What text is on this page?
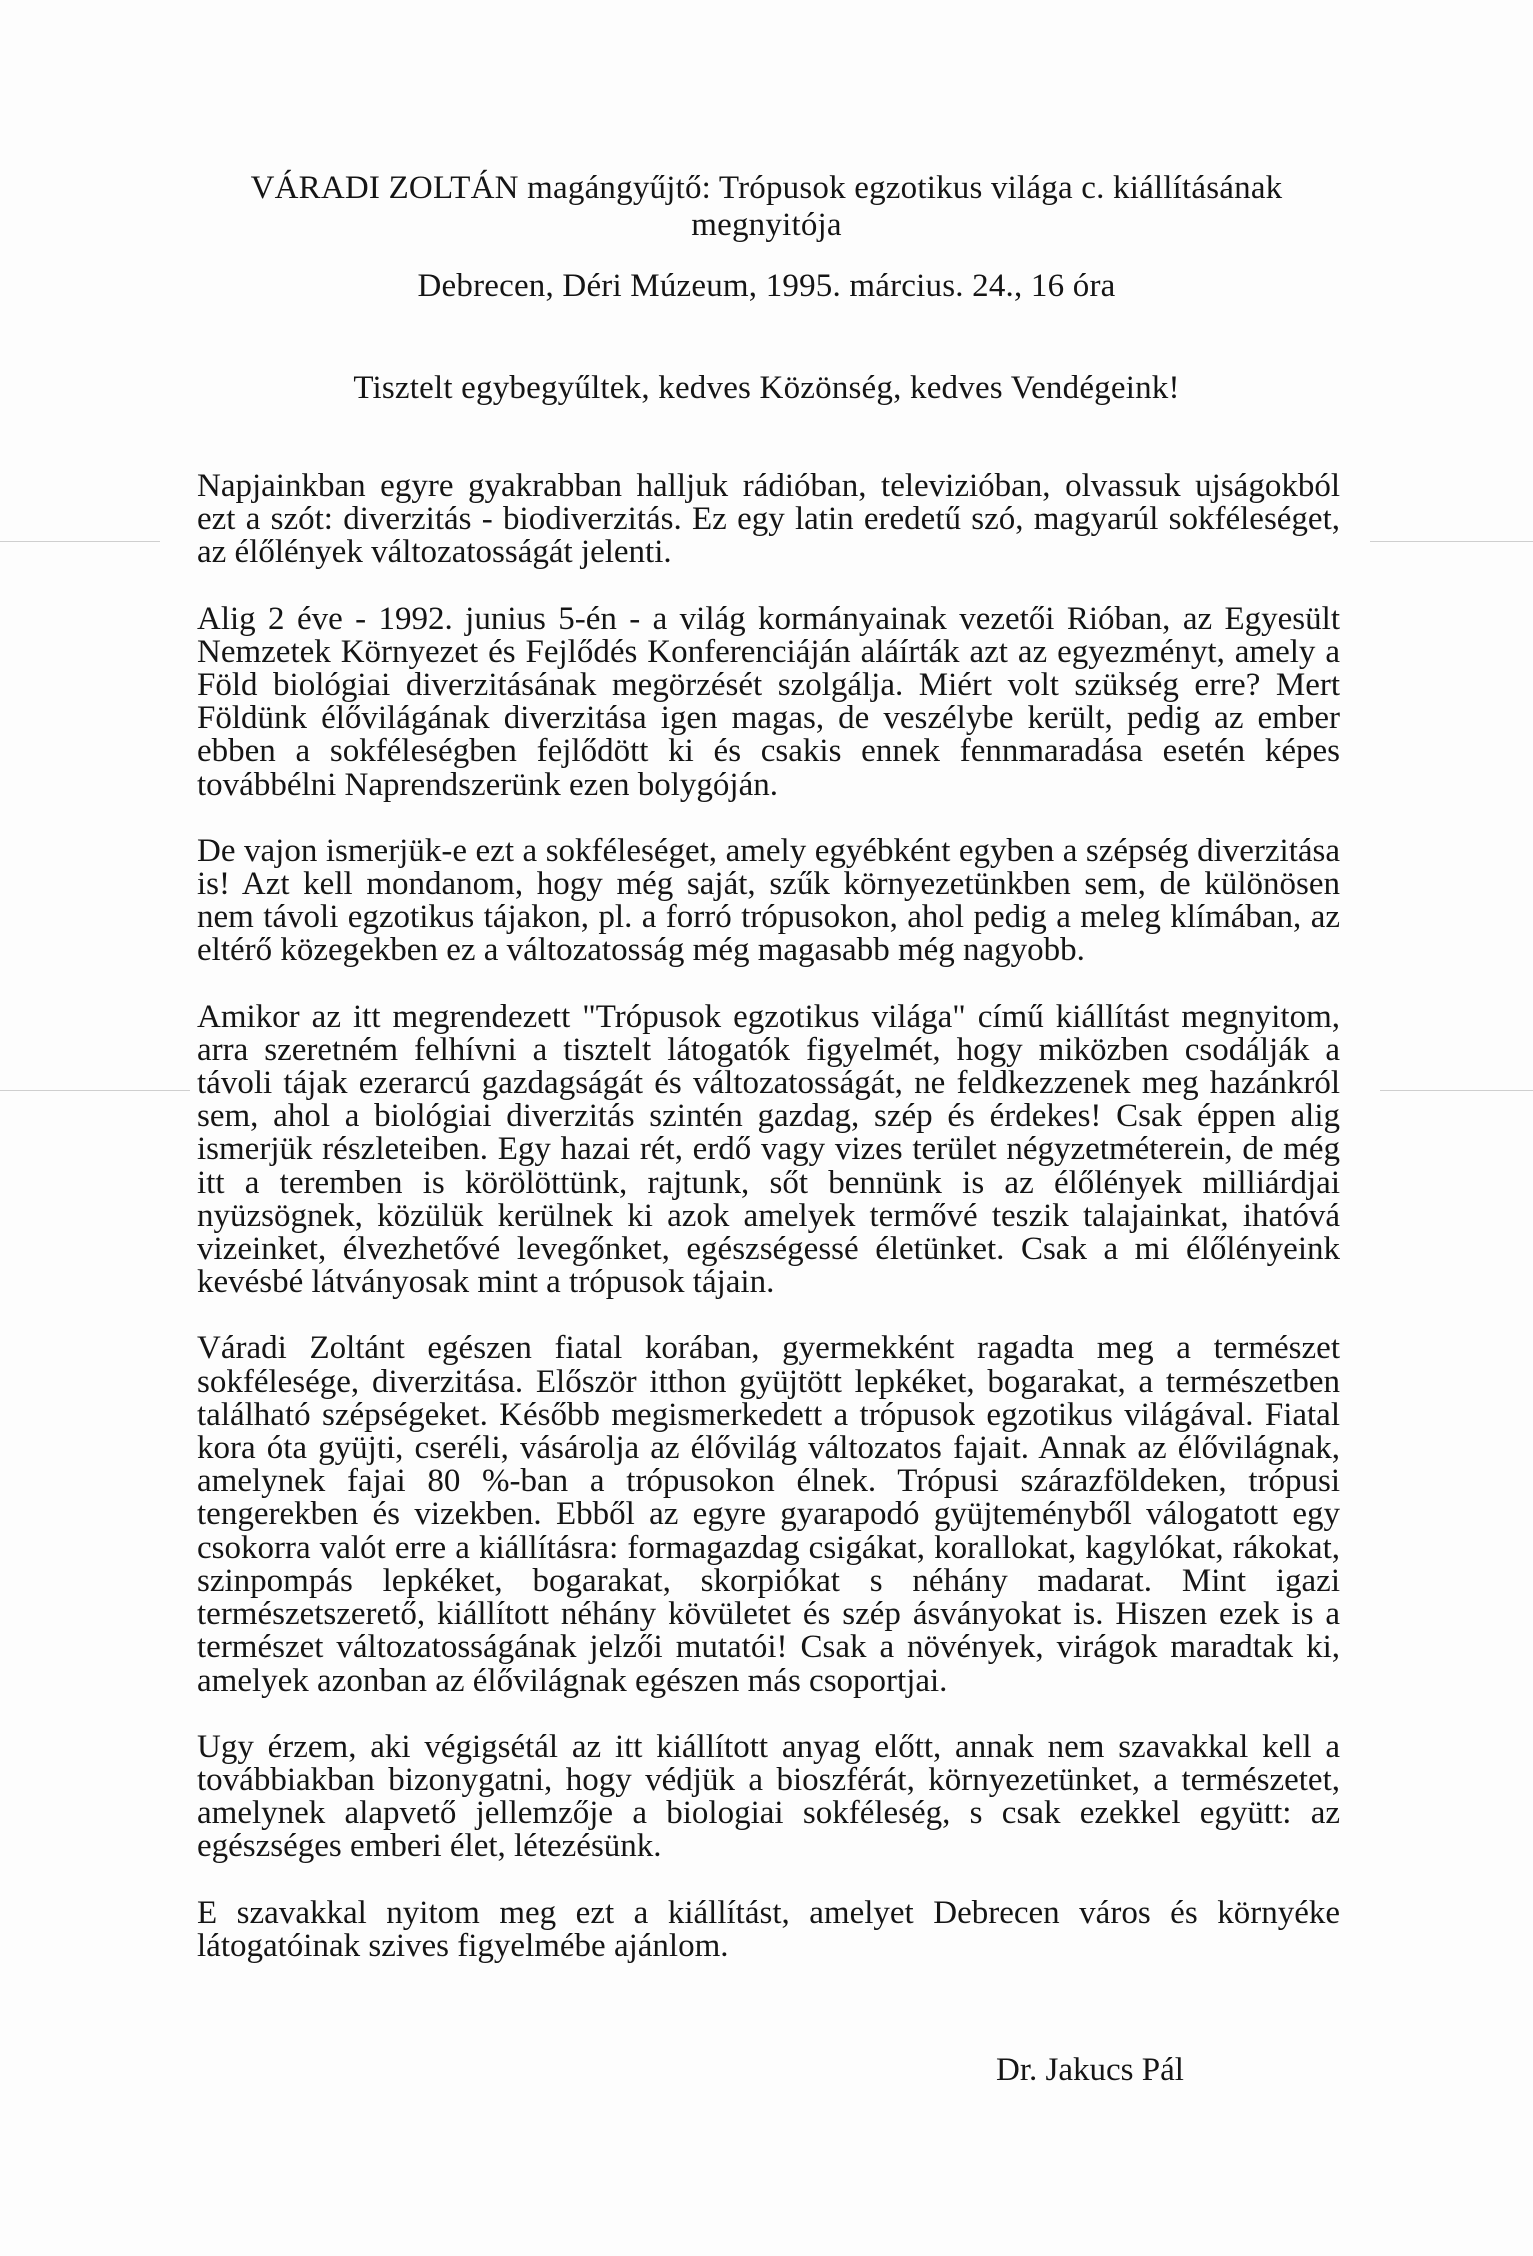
VÁRADI ZOLTÁN magángyűjtő: Trópusok egzotikus világa c. kiállításának megnyitója
Debrecen, Déri Múzeum, 1995. március. 24., 16 óra
Tisztelt egybegyűltek, kedves Közönség, kedves Vendégeink!

Napjainkban egyre gyakrabban halljuk rádióban, televizióban, olvassuk ujságokból ezt a szót: diverzitás - biodiverzitás. Ez egy latin eredetű szó, magyarúl sokféleséget, az élőlények változatosságát jelenti.

Alig 2 éve - 1992. junius 5-én - a világ kormányainak vezetői Rióban, az Egyesült Nemzetek Környezet és Fejlődés Konferenciáján aláírták azt az egyezményt, amely a Föld biológiai diverzitásának megörzését szolgálja. Miért volt szükség erre? Mert Földünk élővilágának diverzitása igen magas, de veszélybe került, pedig az ember ebben a sokféleségben fejlődött ki és csakis ennek fennmaradása esetén képes továbbélni Naprendszerünk ezen bolygóján.

De vajon ismerjük-e ezt a sokféleséget, amely egyébként egyben a szépség diverzitása is! Azt kell mondanom, hogy még saját, szűk környezetünkben sem, de különösen nem távoli egzotikus tájakon, pl. a forró trópusokon, ahol pedig a meleg klímában, az eltérő közegekben ez a változatosság még magasabb még nagyobb.

Amikor az itt megrendezett "Trópusok egzotikus világa" című kiállítást megnyitom, arra szeretném felhívni a tisztelt látogatók figyelmét, hogy miközben csodálják a távoli tájak ezerarcú gazdagságát és változatosságát, ne feldkezzenek meg hazánkról sem, ahol a biológiai diverzitás szintén gazdag, szép és érdekes! Csak éppen alig ismerjük részleteiben. Egy hazai rét, erdő vagy vizes terület négyzetméterein, de még itt a teremben is körölöttünk, rajtunk, sőt bennünk is az élőlények milliárdjai nyüzsögnek, közülük kerülnek ki azok amelyek termővé teszik talajainkat, ihatóvá vizeinket, élvezhetővé levegőnket, egészségessé életünket. Csak a mi élőlényeink kevésbé látványosak mint a trópusok tájain.

Váradi Zoltánt egészen fiatal korában, gyermekként ragadta meg a természet sokfélesége, diverzitása. Először itthon gyüjtött lepkéket, bogarakat, a természetben található szépségeket. Később megismerkedett a trópusok egzotikus világával. Fiatal kora óta gyüjti, cseréli, vásárolja az élővilág változatos fajait. Annak az élővilágnak, amelynek fajai 80 %-ban a trópusokon élnek. Trópusi szárazföldeken, trópusi tengerekben és vizekben. Ebből az egyre gyarapodó gyüjteményből válogatott egy csokorra valót erre a kiállításra: formagazdag csigákat, korallokat, kagylókat, rákokat, szinpompás lepkéket, bogarakat, skorpiókat s néhány madarat. Mint igazi természetszerető, kiállított néhány kövületet és szép ásványokat is. Hiszen ezek is a természet változatosságának jelzői mutatói! Csak a növények, virágok maradtak ki, amelyek azonban az élővilágnak egészen más csoportjai.

Ugy érzem, aki végigsétál az itt kiállított anyag előtt, annak nem szavakkal kell a továbbiakban bizonygatni, hogy védjük a bioszférát, környezetünket, a természetet, amelynek alapvető jellemzője a biologiai sokféleség, s csak ezekkel együtt: az egészséges emberi élet, létezésünk.

E szavakkal nyitom meg ezt a kiállítást, amelyet Debrecen város és környéke látogatóinak szives figyelmébe ajánlom.

Dr. Jakucs Pál
